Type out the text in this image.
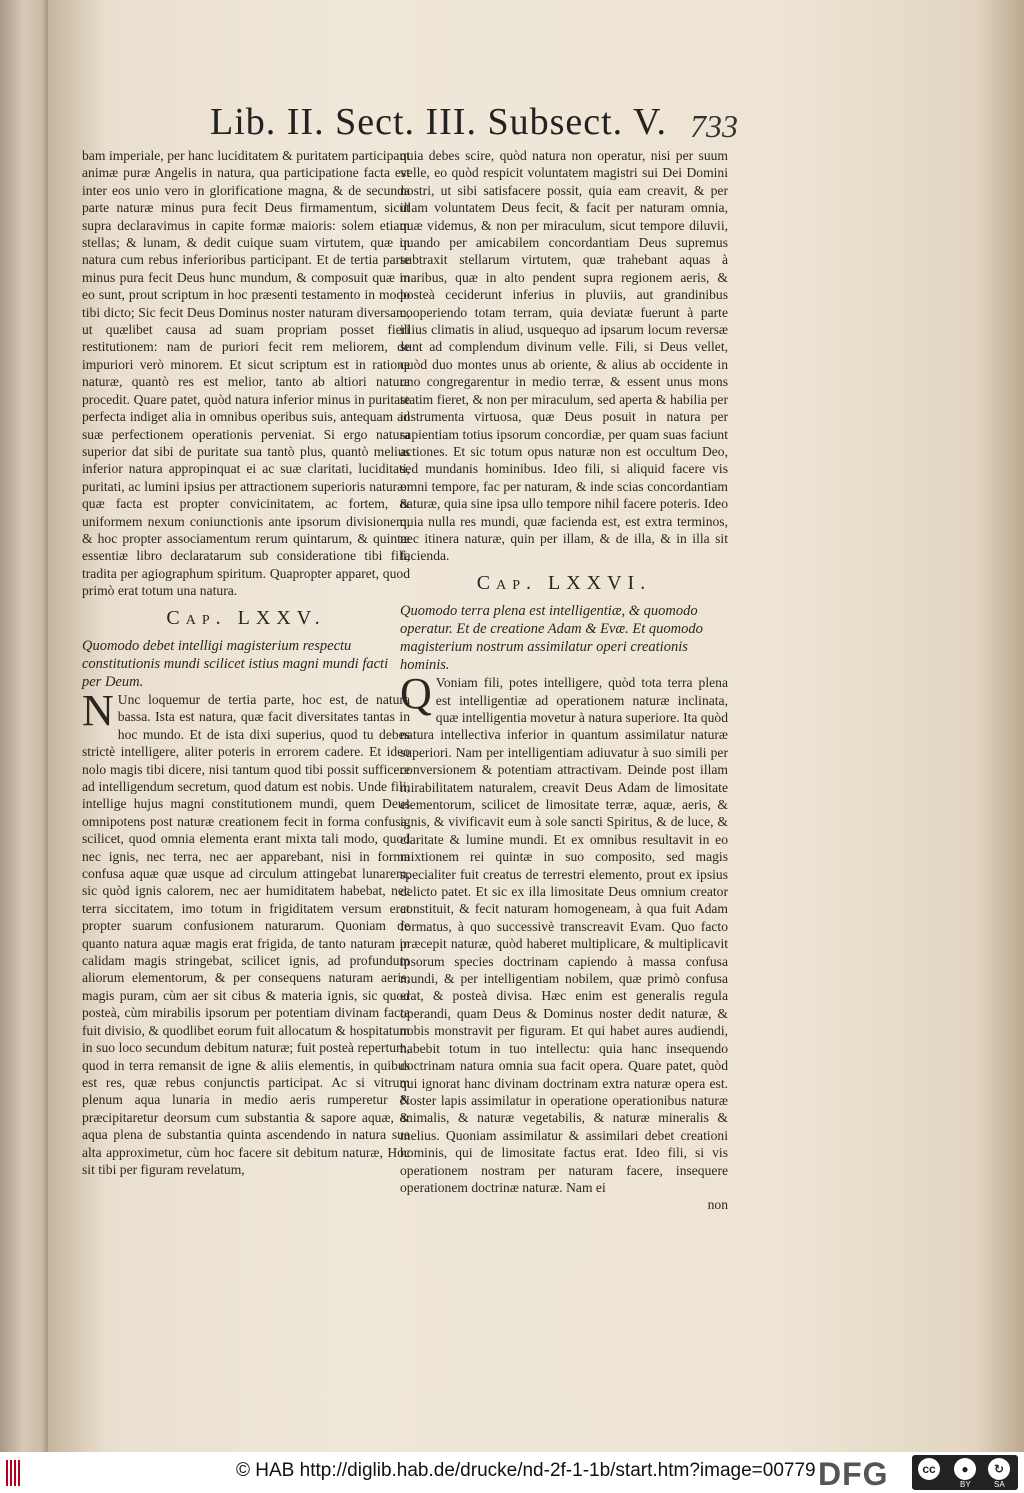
Lib. II. Sect. III. Subsect. V. 733

bam imperiale, per hanc luciditatem & puritatem participant animæ puræ Angelis in natura, qua participatione facta est inter eos unio vero in glorificatione magna, & de secunda parte naturæ minus pura fecit Deus firmamentum, sicut supra declaravimus in capite formæ maioris: solem etiam stellas; & lunam, & dedit cuique suam virtutem, quæ in natura cum rebus inferioribus participant. Et de tertia parte minus pura fecit Deus hunc mundum, & composuit quæ in eo sunt, prout scriptum in hoc præsenti testamento in modo tibi dicto; Sic fecit Deus Dominus noster naturam diversam, ut quælibet causa ad suam propriam posset fieri restitutionem: nam de puriori fecit rem meliorem, de impuriori verò minorem. Et sicut scriptum est in ratione naturæ, quantò res est melior, tanto ab altiori natura procedit. Quare patet, quòd natura inferior minus in puritate perfecta indiget alia in omnibus operibus suis, antequam ad suæ perfectionem operationis perveniat. Si ergo natura superior dat sibi de puritate sua tantò plus, quantò melius inferior natura appropinquat ei ac suæ claritati, luciditati, puritati, ac lumini ipsius per attractionem superioris naturæ: quæ facta est propter convicinitatem, ac fortem, & uniformem nexum coniunctionis ante ipsorum divisionem, & hoc propter associamentum rerum quintarum, & quintæ essentiæ libro declaratarum sub consideratione tibi fili, tradita per agiographum spiritum. Quapropter apparet, quod primò erat totum una natura.

Cap. LXXV.

Quomodo debet intelligi magisterium respectu constitutionis mundi scilicet istius magni mundi facti per Deum.

N Unc loquemur de tertia parte, hoc est, de natura bassa. Ista est natura, quæ facit diversitates tantas in hoc mundo. Et de ista dixi superius, quod tu debes strictè intelligere, aliter poteris in errorem cadere. Et ideo nolo magis tibi dicere, nisi tantum quod tibi possit sufficere ad intelligendum secretum, quod datum est nobis. Unde fili, intellige hujus magni constitutionem mundi, quem Deus omnipotens post naturæ creationem fecit in forma confusa, scilicet, quod omnia elementa erant mixta tali modo, quod nec ignis, nec terra, nec aer apparebant, nisi in forma confusa aquæ quæ usque ad circulum attingebat lunarem, sic quòd ignis calorem, nec aer humiditatem habebat, nec terra siccitatem, imo totum in frigiditatem versum erat propter suarum confusionem naturarum. Quoniam de quanto natura aquæ magis erat frigida, de tanto naturam in calidam magis stringebat, scilicet ignis, ad profundum aliorum elementorum, & per consequens naturam aeris, magis puram, cùm aer sit cibus & materia ignis, sic quod posteà, cùm mirabilis ipsorum per potentiam divinam facta fuit divisio, & quodlibet eorum fuit allocatum & hospitatum in suo loco secundum debitum naturæ; fuit posteà repertum, quod in terra remansit de igne & aliis elementis, in quibus est res, quæ rebus conjunctis participat. Ac si vitrum plenum aqua lunaria in medio aeris rumperetur & præcipitaretur deorsum cum substantia & sapore aquæ, & aqua plena de substantia quinta ascendendo in natura sua alta approximetur, cùm hoc facere sit debitum naturæ, Hoc sit tibi per figuram revelatum,

quia debes scire, quòd natura non operatur, nisi per suum velle, eo quòd respicit voluntatem magistri sui Dei Domini nostri, ut sibi satisfacere possit, quia eam creavit, & per illam voluntatem Deus fecit, & facit per naturam omnia, quæ videmus, & non per miraculum, sicut tempore diluvii, quando per amicabilem concordantiam Deus supremus subtraxit stellarum virtutem, quæ trahebant aquas à maribus, quæ in alto pendent supra regionem aeris, & posteà ceciderunt inferius in pluviis, aut grandinibus cooperiendo totam terram, quia deviatæ fuerunt à parte illius climatis in aliud, usquequo ad ipsarum locum reversæ sunt ad complendum divinum velle. Fili, si Deus vellet, quòd duo montes unus ab oriente, & alius ab occidente in uno congregarentur in medio terræ, & essent unus mons statim fieret, & non per miraculum, sed aperta & habilia per instrumenta virtuosa, quæ Deus posuit in natura per sapientiam totius ipsorum concordiæ, per quam suas faciunt actiones. Et sic totum opus naturæ non est occultum Deo, sed mundanis hominibus. Ideo fili, si aliquid facere vis omni tempore, fac per naturam, & inde scias concordantiam naturæ, quia sine ipsa ullo tempore nihil facere poteris. Ideo quia nulla res mundi, quæ facienda est, est extra terminos, nec itinera naturæ, quin per illam, & de illa, & in illa sit facienda.

Cap. LXXVI.

Quomodo terra plena est intelligentiæ, & quomodo operatur. Et de creatione Adam & Evæ. Et quomodo magisterium nostrum assimilatur operi creationis hominis.

Q Voniam fili, potes intelligere, quòd tota terra plena est intelligentiæ ad operationem naturæ inclinata, quæ intelligentia movetur à natura superiore. Ita quòd natura intellectiva inferior in quantum assimilatur naturæ superiori. Nam per intelligentiam adiuvatur à suo simili per conversionem & potentiam attractivam. Deinde post illam mirabilitatem naturalem, creavit Deus Adam de limositate elementorum, scilicet de limositate terræ, aquæ, aeris, & ignis, & vivificavit eum à sole sancti Spiritus, & de luce, & claritate & lumine mundi. Et ex omnibus resultavit in eo mixtionem rei quintæ in suo composito, sed magis specialiter fuit creatus de terrestri elemento, prout ex ipsius delicto patet. Et sic ex illa limositate Deus omnium creator constituit, & fecit naturam homogeneam, à qua fuit Adam formatus, à quo successivè transcreavit Evam. Quo facto præcepit naturæ, quòd haberet multiplicare, & multiplicavit ipsorum species doctrinam capiendo à massa confusa mundi, & per intelligentiam nobilem, quæ primò confusa erat, & posteà divisa. Hæc enim est generalis regula operandi, quam Deus & Dominus noster dedit naturæ, & nobis monstravit per figuram. Et qui habet aures audiendi, habebit totum in tuo intellectu: quia hanc insequendo doctrinam natura omnia sua facit opera. Quare patet, quòd qui ignorat hanc divinam doctrinam extra naturæ opera est. Noster lapis assimilatur in operatione operationibus naturæ animalis, & naturæ vegetabilis, & naturæ mineralis & melius. Quoniam assimilatur & assimilari debet creationi hominis, qui de limositate factus erat. Ideo fili, si vis operationem nostram per naturam facere, insequere operationem doctrinæ naturæ. Nam ei

non

© HAB http://diglib.hab.de/drucke/nd-2f-1-1b/start.htm?image=00779 DFG	cc	●	↻
BY	SA
